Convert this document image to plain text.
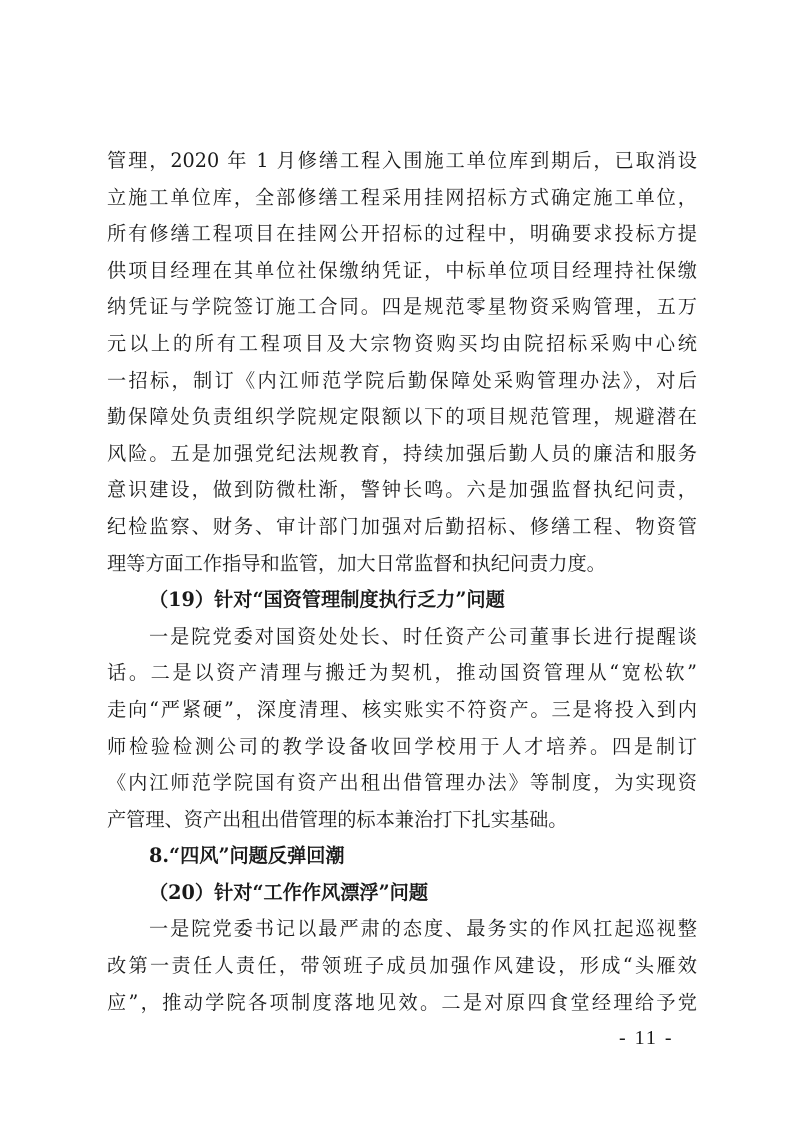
管理，2020 年 1 月修缮工程入围施工单位库到期后，已取消设
立施工单位库，全部修缮工程采用挂网招标方式确定施工单位，
所有修缮工程项目在挂网公开招标的过程中，明确要求投标方提
供项目经理在其单位社保缴纳凭证，中标单位项目经理持社保缴
纳凭证与学院签订施工合同。四是规范零星物资采购管理，五万
元以上的所有工程项目及大宗物资购买均由院招标采购中心统
一招标，制订《内江师范学院后勤保障处采购管理办法》，对后
勤保障处负责组织学院规定限额以下的项目规范管理，规避潜在
风险。五是加强党纪法规教育，持续加强后勤人员的廉洁和服务
意识建设，做到防微杜渐，警钟长鸣。六是加强监督执纪问责，
纪检监察、财务、审计部门加强对后勤招标、修缮工程、物资管
理等方面工作指导和监管，加大日常监督和执纪问责力度。
（19）针对“国资管理制度执行乏力”问题
一是院党委对国资处处长、时任资产公司董事长进行提醒谈
话。二是以资产清理与搬迁为契机，推动国资管理从“宽松软”
走向“严紧硬”，深度清理、核实账实不符资产。三是将投入到内
师检验检测公司的教学设备收回学校用于人才培养。四是制订
《内江师范学院国有资产出租出借管理办法》等制度，为实现资
产管理、资产出租出借管理的标本兼治打下扎实基础。
8.“四风”问题反弹回潮
（20）针对“工作作风漂浮”问题
一是院党委书记以最严肃的态度、最务实的作风扛起巡视整
改第一责任人责任，带领班子成员加强作风建设，形成“头雁效
应”，推动学院各项制度落地见效。二是对原四食堂经理给予党
- 11 -
